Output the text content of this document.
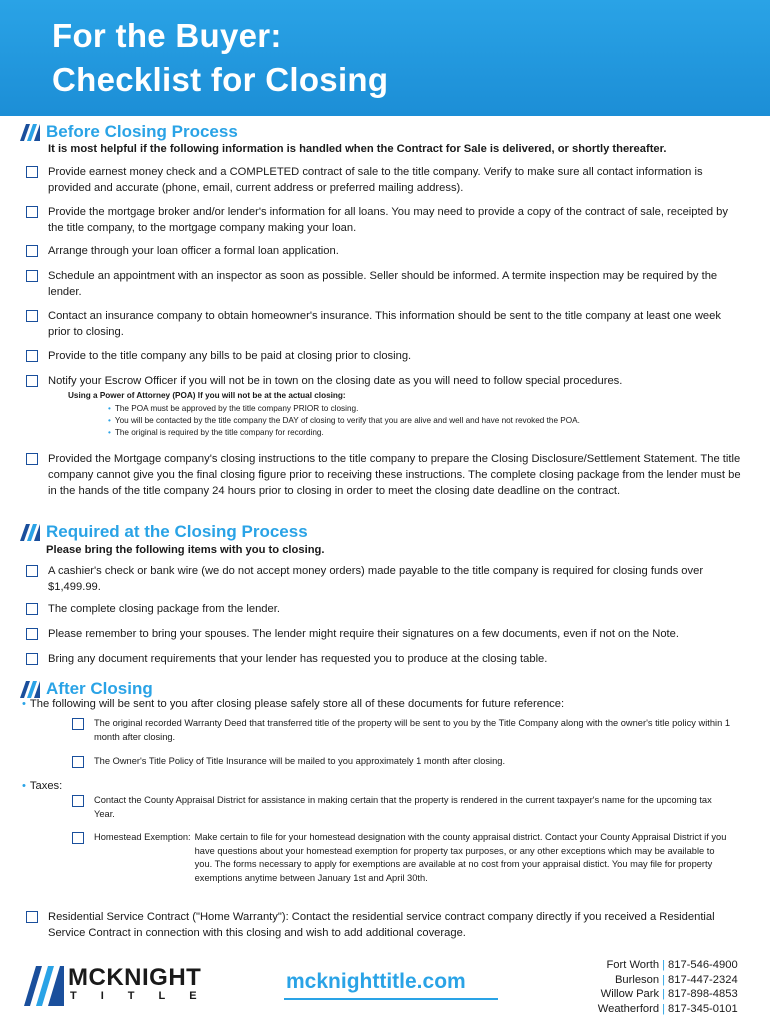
For the Buyer:
Checklist for Closing
Before Closing Process
It is most helpful if the following information is handled when the Contract for Sale is delivered, or shortly thereafter.
Provide earnest money check and a COMPLETED contract of sale to the title company. Verify to make sure all contact information is provided and accurate (phone, email, current address or preferred mailing address).
Provide the mortgage broker and/or lender's information for all loans. You may need to provide a copy of the contract of sale, receipted by the title company, to the mortgage company making your loan.
Arrange through your loan officer a formal loan application.
Schedule an appointment with an inspector as soon as possible. Seller should be informed. A termite inspection may be required by the lender.
Contact an insurance company to obtain homeowner's insurance. This information should be sent to the title company at least one week prior to closing.
Provide to the title company any bills to be paid at closing prior to closing.
Notify your Escrow Officer if you will not be in town on the closing date as you will need to follow special procedures.
Using a Power of Attorney (POA) If you will not be at the actual closing:
• The POA must be approved by the title company PRIOR to closing.
• You will be contacted by the title company the DAY of closing to verify that you are alive and well and have not revoked the POA.
• The original is required by the title company for recording.
Provided the Mortgage company's closing instructions to the title company to prepare the Closing Disclosure/Settlement Statement. The title company cannot give you the final closing figure prior to receiving these instructions. The complete closing package from the lender must be in the hands of the title company 24 hours prior to closing in order to meet the closing date deadline on the contract.
Required at the Closing Process
Please bring the following items with you to closing.
A cashier's check or bank wire (we do not accept money orders) made payable to the title company is required for closing funds over $1,499.99.
The complete closing package from the lender.
Please remember to bring your spouses. The lender might require their signatures on a few documents, even if not on the Note.
Bring any document requirements that your lender has requested you to produce at the closing table.
After Closing
• The following will be sent to you after closing please safely store all of these documents for future reference:
The original recorded Warranty Deed that transferred title of the property will be sent to you by the Title Company along with the owner's title policy within 1 month after closing.
The Owner's Title Policy of Title Insurance will be mailed to you approximately 1 month after closing.
• Taxes:
Contact the County Appraisal District for assistance in making certain that the property is rendered in the current taxpayer's name for the upcoming tax Year.
Homestead Exemption: Make certain to file for your homestead designation with the county appraisal district. Contact your County Appraisal District if you have questions about your homestead exemption for property tax purposes, or any other exceptions which may be available to you. The forms necessary to apply for exemptions are available at no cost from your appraisal distict. You may file for property exemptions anytime between January 1st and April 30th.
Residential Service Contract ("Home Warranty"): Contact the residential service contract company directly if you received a Residential Service Contract in connection with this closing and wish to add additional coverage.
MCKNIGHT
TITLE
mcknighttitle.com
Fort Worth | 817-546-4900
Burleson | 817-447-2324
Willow Park | 817-898-4853
Weatherford | 817-345-0101
